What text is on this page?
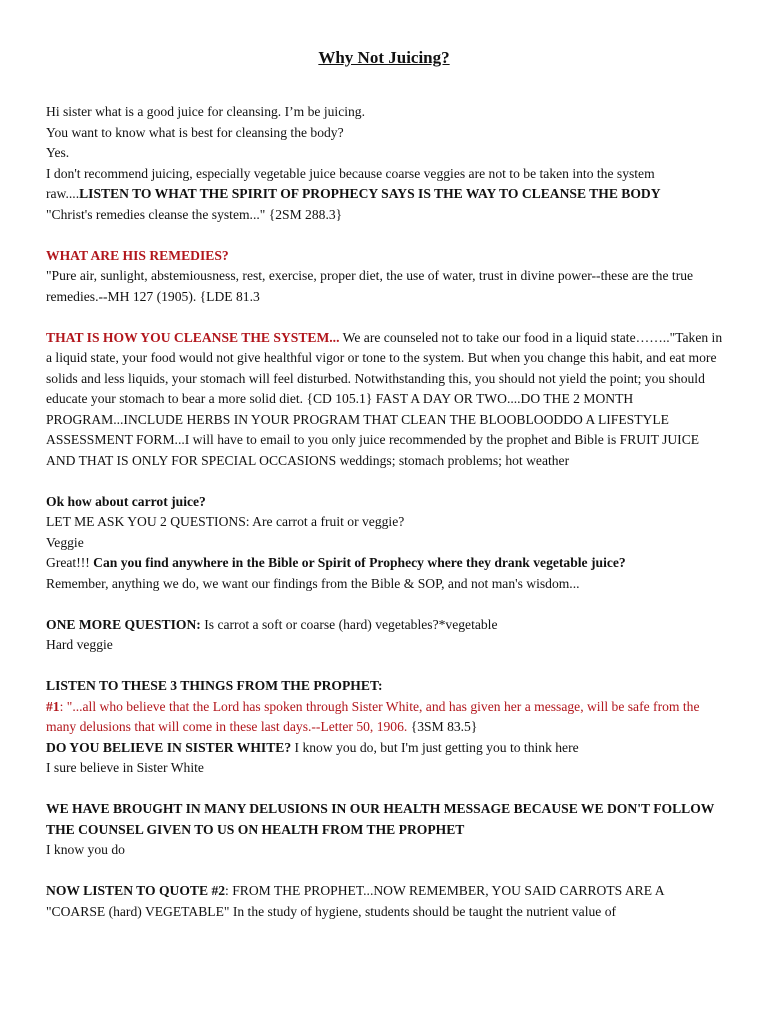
Why Not Juicing?

Hi sister what is a good juice for cleansing. I’m be juicing.

You want to know what is best for cleansing the body?

Yes.

I don't recommend juicing, especially vegetable juice because coarse veggies are not to be taken into the system raw....LISTEN TO WHAT THE SPIRIT OF PROPHECY SAYS IS THE WAY TO CLEANSE THE BODY

"Christ's remedies cleanse the system..." {2SM 288.3}

WHAT ARE HIS REMEDIES?

"Pure air, sunlight, abstemiousness, rest, exercise, proper diet, the use of water, trust in divine power--these are the true remedies.--MH 127 (1905). {LDE 81.3

THAT IS HOW YOU CLEANSE THE SYSTEM... We are counseled not to take our food in a liquid state…….."Taken in a liquid state, your food would not give healthful vigor or tone to the system. But when you change this habit, and eat more solids and less liquids, your stomach will feel disturbed. Notwithstanding this, you should not yield the point; you should educate your stomach to bear a more solid diet. {CD 105.1} FAST A DAY OR TWO....DO THE 2 MONTH PROGRAM...INCLUDE HERBS IN YOUR PROGRAM THAT CLEAN THE BLOOBLOODDO A LIFESTYLE ASSESSMENT FORM...I will have to email to you only juice recommended by the prophet and Bible is FRUIT JUICE AND THAT IS ONLY FOR SPECIAL OCCASIONS weddings; stomach problems; hot weather

Ok how about carrot juice?

LET ME ASK YOU 2 QUESTIONS: Are carrot a fruit or veggie?

Veggie

Great!!! Can you find anywhere in the Bible or Spirit of Prophecy where they drank vegetable juice?

Remember, anything we do, we want our findings from the Bible & SOP, and not man's wisdom...

ONE MORE QUESTION: Is carrot a soft or coarse (hard) vegetables?*vegetable

Hard veggie

LISTEN TO THESE 3 THINGS FROM THE PROPHET:

#1: "...all who believe that the Lord has spoken through Sister White, and has given her a message, will be safe from the many delusions that will come in these last days.--Letter 50, 1906. {3SM 83.5}

DO YOU BELIEVE IN SISTER WHITE? I know you do, but I'm just getting you to think here

I sure believe in Sister White

WE HAVE BROUGHT IN MANY DELUSIONS IN OUR HEALTH MESSAGE BECAUSE WE DON'T FOLLOW THE COUNSEL GIVEN TO US ON HEALTH FROM THE PROPHET

I know you do

NOW LISTEN TO QUOTE #2: FROM THE PROPHET...NOW REMEMBER, YOU SAID CARROTS ARE A "COARSE (hard) VEGETABLE" In the study of hygiene, students should be taught the nutrient value of
